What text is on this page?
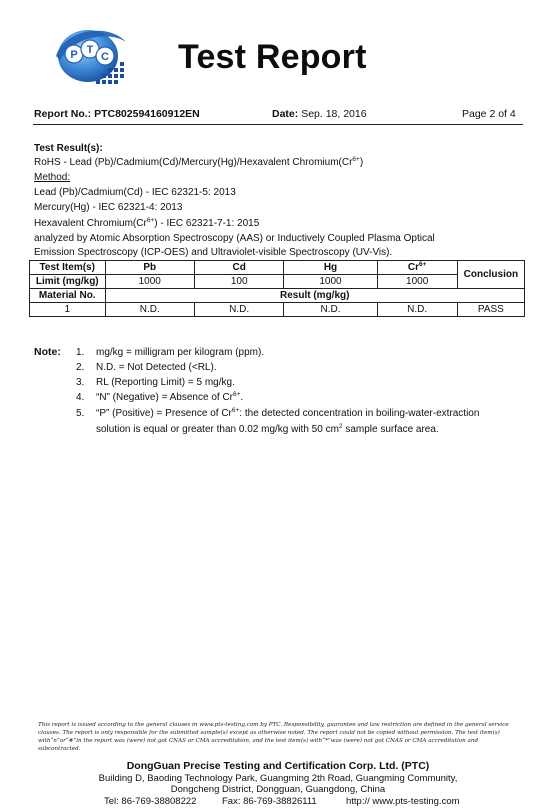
P T
C Test Report
Report No.: PTC802594160912EN	Date: Sep. 18, 2016	Page 2 of 4
Test Result(s):
RoHS - Lead (Pb)/Cadmium(Cd)/Mercury(Hg)/Hexavalent $Chromium(Cr^{6+})$
Method:
Lead (Pb)/Cadmium(Cd) - IEC 62321-5: 2013
Mercury(Hg) - IEC 62321-4: 2013
Hexavalent $Chromium(Cr^{6+})$ - IEC 62321-7-1: 2015
analyzed by Atomic Absorption Spectroscopy (AAS) or Inductively Coupled Plasma Optical
Emission Spectroscopy (ICP-OES) and Ultraviolet-visible Spectroscopy (UV-Vis).
Test Item(s)	Pb	Cd	Hg	$Cr^{6+}$	Conclusion
Limit (mg/kg)	1000	100	1000	1000	
Material No.	Result (mg/kg)				
1	N.D.	N.D.	N.D.	N.D.	PASS
Note: 1. mg/kg = milligram per kilogram (ppm).
2. N.D. = Not Detected (<RL).
3. RL (Reporting Limit) = 5 mg/kg.
4. “N” (Negative) = Absence of $Cr^{6+}$.
5. “P” (Positive) = Presence of $Cr^{6+}$: the detected concentration in boiling-water-extraction
solution is equal or greater than 0.02 mg/kg with 50 $cm^2$ sample surface area.
This report is issued according to the general clauses in www.pts-testing.com by PTC. Responsibility, guarantee and law restriction are defined in the general service clauses. The report is only responsible for the submitted sample(s) except as otherwise noted. The report could not be copied without permission. The test item(s) with“n”or“#”in the report was (were) not got CNAS or CMA accreditation, and the test item(s) with“*”was (were) not got CNAS or CMA accreditation and subcontracted.
DongGuan Precise Testing and Certification Corp. Ltd. (PTC)
Building D, Baoding Technology Park, Guangming 2th Road, Guangming Community,
Dongcheng District, Dongguan, Guangdong, China
Tel: 86-769-38808222	Fax: 86-769-38826111	http:// www.pts-testing.com
